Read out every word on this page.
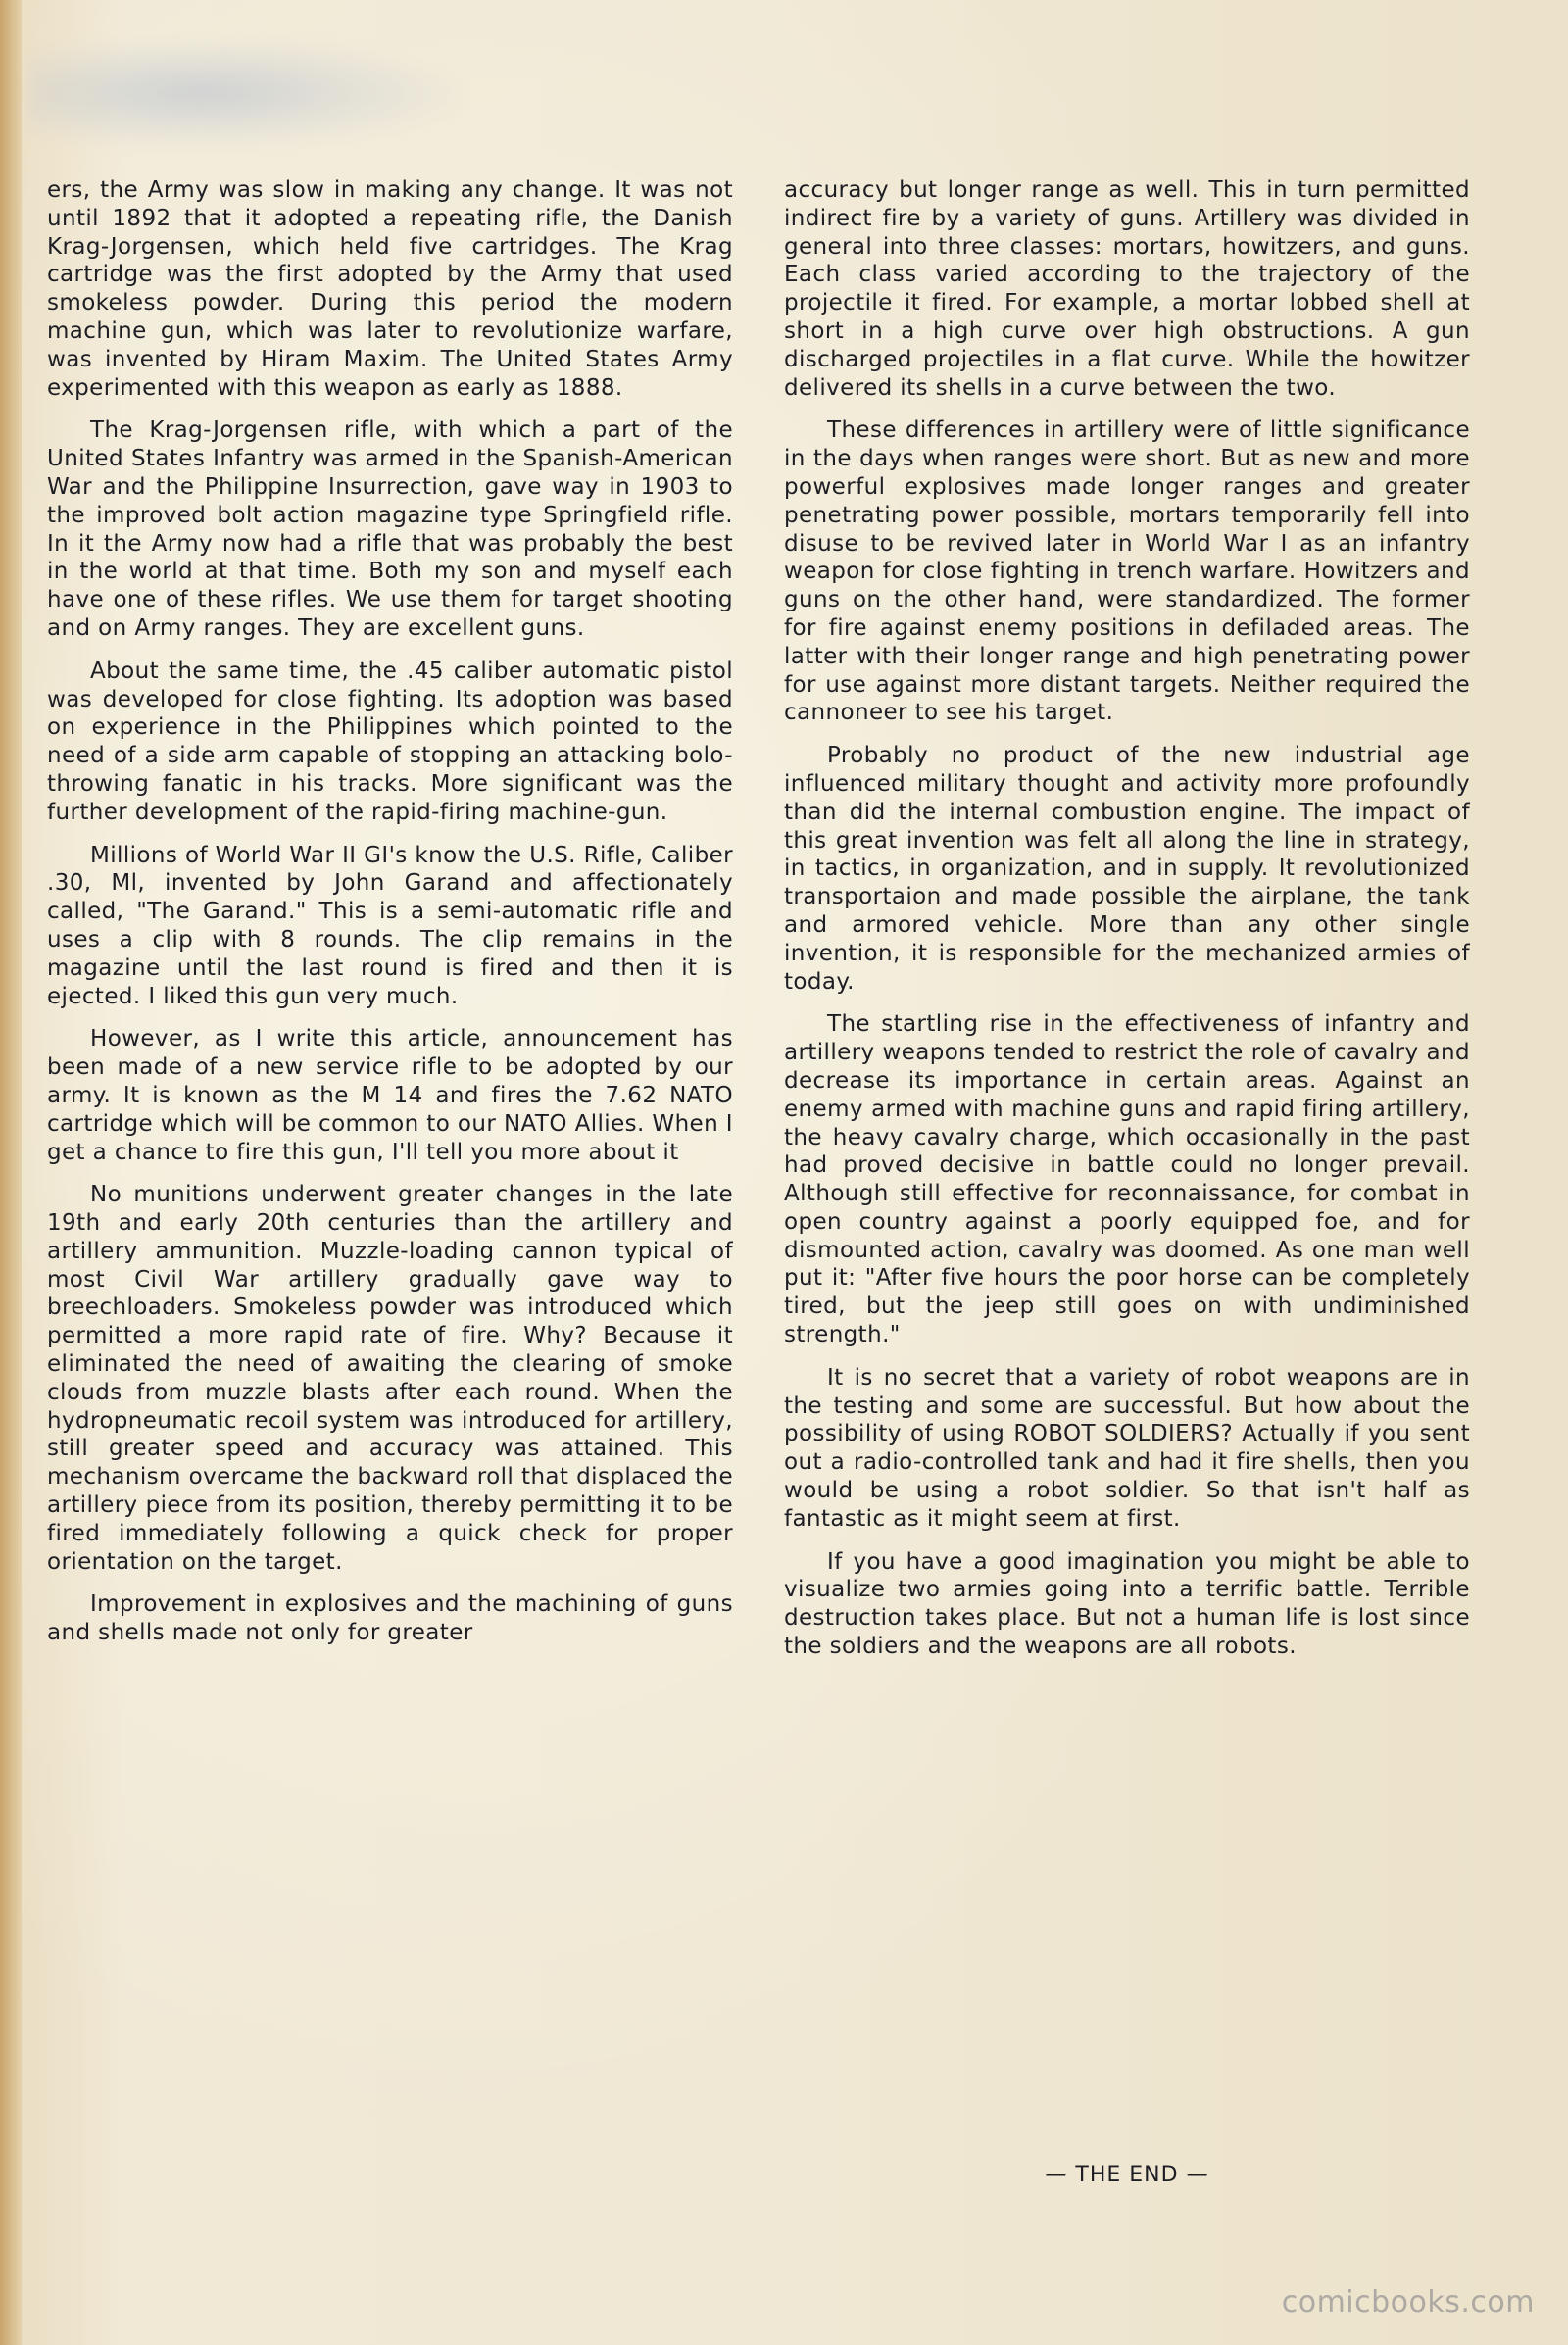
ers, the Army was slow in making any change. It was not until 1892 that it adopted a repeating rifle, the Danish Krag-Jorgensen, which held five cartridges. The Krag cartridge was the first adopted by the Army that used smokeless powder. During this period the modern machine gun, which was later to revolutionize warfare, was invented by Hiram Maxim. The United States Army experimented with this weapon as early as 1888.

The Krag-Jorgensen rifle, with which a part of the United States Infantry was armed in the Spanish-American War and the Philippine Insurrection, gave way in 1903 to the improved bolt action magazine type Springfield rifle. In it the Army now had a rifle that was probably the best in the world at that time. Both my son and myself each have one of these rifles. We use them for target shooting and on Army ranges. They are excellent guns.

About the same time, the .45 caliber automatic pistol was developed for close fighting. Its adoption was based on experience in the Philippines which pointed to the need of a side arm capable of stopping an attacking bolo-throwing fanatic in his tracks. More significant was the further development of the rapid-firing machine-gun.

Millions of World War II GI's know the U.S. Rifle, Caliber .30, Ml, invented by John Garand and affectionately called, "The Garand." This is a semi-automatic rifle and uses a clip with 8 rounds. The clip remains in the magazine until the last round is fired and then it is ejected. I liked this gun very much.

However, as I write this article, announcement has been made of a new service rifle to be adopted by our army. It is known as the M 14 and fires the 7.62 NATO cartridge which will be common to our NATO Allies. When I get a chance to fire this gun, I'll tell you more about it

No munitions underwent greater changes in the late 19th and early 20th centuries than the artillery and artillery ammunition. Muzzle-loading cannon typical of most Civil War artillery gradually gave way to breechloaders. Smokeless powder was introduced which permitted a more rapid rate of fire. Why? Because it eliminated the need of awaiting the clearing of smoke clouds from muzzle blasts after each round. When the hydropneumatic recoil system was introduced for artillery, still greater speed and accuracy was attained. This mechanism overcame the backward roll that displaced the artillery piece from its position, thereby permitting it to be fired immediately following a quick check for proper orientation on the target.

Improvement in explosives and the machining of guns and shells made not only for greater

accuracy but longer range as well. This in turn permitted indirect fire by a variety of guns. Artillery was divided in general into three classes: mortars, howitzers, and guns. Each class varied according to the trajectory of the projectile it fired. For example, a mortar lobbed shell at short in a high curve over high obstructions. A gun discharged projectiles in a flat curve. While the howitzer delivered its shells in a curve between the two.

These differences in artillery were of little significance in the days when ranges were short. But as new and more powerful explosives made longer ranges and greater penetrating power possible, mortars temporarily fell into disuse to be revived later in World War I as an infantry weapon for close fighting in trench warfare. Howitzers and guns on the other hand, were standardized. The former for fire against enemy positions in defiladed areas. The latter with their longer range and high penetrating power for use against more distant targets. Neither required the cannoneer to see his target.

Probably no product of the new industrial age influenced military thought and activity more profoundly than did the internal combustion engine. The impact of this great invention was felt all along the line in strategy, in tactics, in organization, and in supply. It revolutionized transportaion and made possible the airplane, the tank and armored vehicle. More than any other single invention, it is responsible for the mechanized armies of today.

The startling rise in the effectiveness of infantry and artillery weapons tended to restrict the role of cavalry and decrease its importance in certain areas. Against an enemy armed with machine guns and rapid firing artillery, the heavy cavalry charge, which occasionally in the past had proved decisive in battle could no longer prevail. Although still effective for reconnaissance, for combat in open country against a poorly equipped foe, and for dismounted action, cavalry was doomed. As one man well put it: "After five hours the poor horse can be completely tired, but the jeep still goes on with undiminished strength."

It is no secret that a variety of robot weapons are in the testing and some are successful. But how about the possibility of using ROBOT SOLDIERS? Actually if you sent out a radio-controlled tank and had it fire shells, then you would be using a robot soldier. So that isn't half as fantastic as it might seem at first.

If you have a good imagination you might be able to visualize two armies going into a terrific battle. Terrible destruction takes place. But not a human life is lost since the soldiers and the weapons are all robots.

— THE END —
comicbooks.com
